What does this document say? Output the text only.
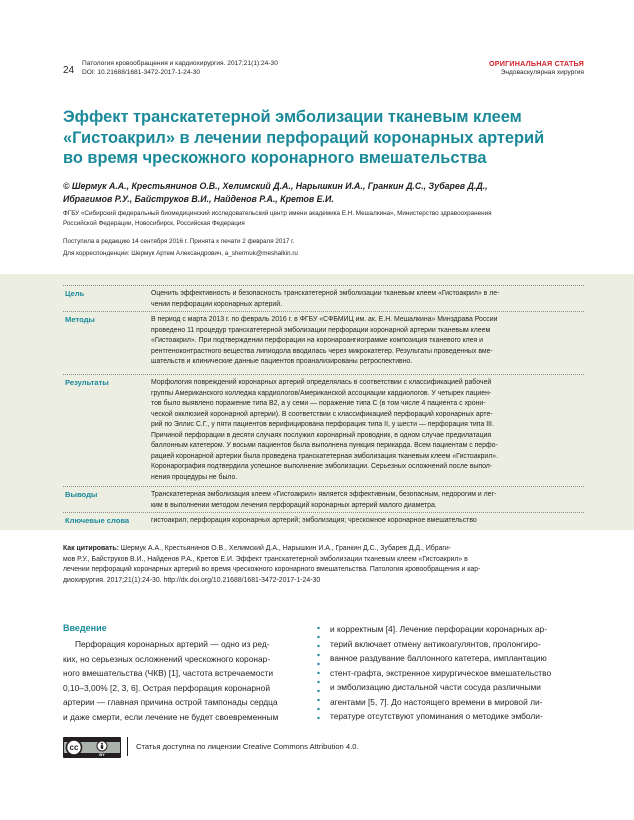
24
Патология кровообращения и кардиохирургия. 2017;21(1):24-30
DOI: 10.21688/1681-3472-2017-1-24-30
ОРИГИНАЛЬНАЯ СТАТЬЯ
Эндоваскулярная хирургия
Эффект транскатетерной эмболизации тканевым клеем
«Гистоакрил» в лечении перфораций коронарных артерий
во время чрескожного коронарного вмешательства
© Шермук А.А., Крестьянинов О.В., Хелимский Д.А., Нарышкин И.А., Гранкин Д.С., Зубарев Д.Д.,
Ибрагимов Р.У., Байструков В.И., Найденов Р.А., Кретов Е.И.
ФГБУ «Сибирский федеральный биомедицинский исследовательский центр имени академика Е.Н. Мешалкина», Министерство здравоохранения
Российской Федерации, Новосибирск, Российская Федерация
Поступила в редакцию 14 сентября 2016 г. Принята к печати 2 февраля 2017 г.
Для корреспонденции: Шермук Артем Александрович, a_shermuk@meshalkin.ru
Цель	Оценить эффективность и безопасность транскатетерной эмболизации тканевым клеем «Гистоакрил» в ле-
чении перфорации коронарных артерий.
Методы	В период с марта 2013 г. по февраль 2016 г. в ФГБУ «СФБМИЦ им. ак. Е.Н. Мешалкина» Минздрава России
проведено 11 процедур транскатетерной эмболизации перфорации коронарной артерии тканевым клеем
«Гистоакрил». При подтверждении перфорации на коронароангиограмме композиция тканевого клея и
рентгеноконтрастного вещества липиодола вводилась через микрокатетер. Результаты проведенных вме-
шательств и клинические данные пациентов проанализированы ретроспективно.
Результаты	Морфология повреждений коронарных артерий определялась в соответствии с классификацией рабочей
группы Американского колледжа кардиологов/Американской ассоциации кардиологов. У четырех пациен-
тов было выявлено поражение типа B2, а у семи — поражение типа С (в том числе 4 пациента с хрони-
ческой окклюзией коронарной артерии). В соответствии с классификацией перфораций коронарных арте-
рий по Эллис С.Г., у пяти пациентов верифицирована перфорация типа II, у шести — перфорация типа III.
Причиной перфорации в десяти случаях послужил коронарный проводник, в одном случае предилатация
баллонным катетером. У восьми пациентов была выполнена пункция перикарда. Всем пациентам с перфо-
рацией коронарной артерии была проведена транскатетерная эмболизация тканевым клеем «Гистоакрил».
Коронарография подтвердила успешное выполнение эмболизации. Серьезных осложнений после выпол-
нения процедуры не было.
Выводы	Транскатетерная эмболизация клеем «Гистоакрил» является эффективным, безопасным, недорогим и лег-
ким в выполнении методом лечения перфораций коронарных артерий малого диаметра.
Ключевые слова	гистоакрил; перфорация коронарных артерий; эмболизация; чрескожное коронарное вмешательство
Как цитировать: Шермук А.А., Крестьянинов О.В., Хелимский Д.А., Нарышкин И.А., Гранкин Д.С., Зубарев Д.Д., Ибраги-
мов Р.У., Байструков В.И., Найденов Р.А., Кретов Е.И. Эффект транскатетерной эмболизации тканевым клеем «Гистоакрил» в
лечении перфораций коронарных артерий во время чрескожного коронарного вмешательства. Патология кровообращения и кар-
диохирургия. 2017;21(1):24-30. http://dx.doi.org/10.21688/1681-3472-2017-1-24-30
Введение
Перфорация коронарных артерий — одно из ред-
ких, но серьезных осложнений чрескожного коронар-
ного вмешательства (ЧКВ) [1], частота встречаемости
0,10–3,00% [2, 3, 6]. Острая перфорация коронарной
артерии — главная причина острой тампонады сердца
и даже смерти, если лечение не будет своевременным
и корректным [4]. Лечение перфорации коронарных ар-
терий включает отмену антикоагулянтов, пролонгиро-
ванное раздувание баллонного катетера, имплантацию
стент-графта, экстренное хирургическое вмешательство
и эмболизацию дистальной части сосуда различными
агентами [5, 7]. До настоящего времени в мировой ли-
тературе отсутствуют упоминания о методике эмболи-
cc
BY
Статья доступна по лицензии Creative Commons Attribution 4.0.
